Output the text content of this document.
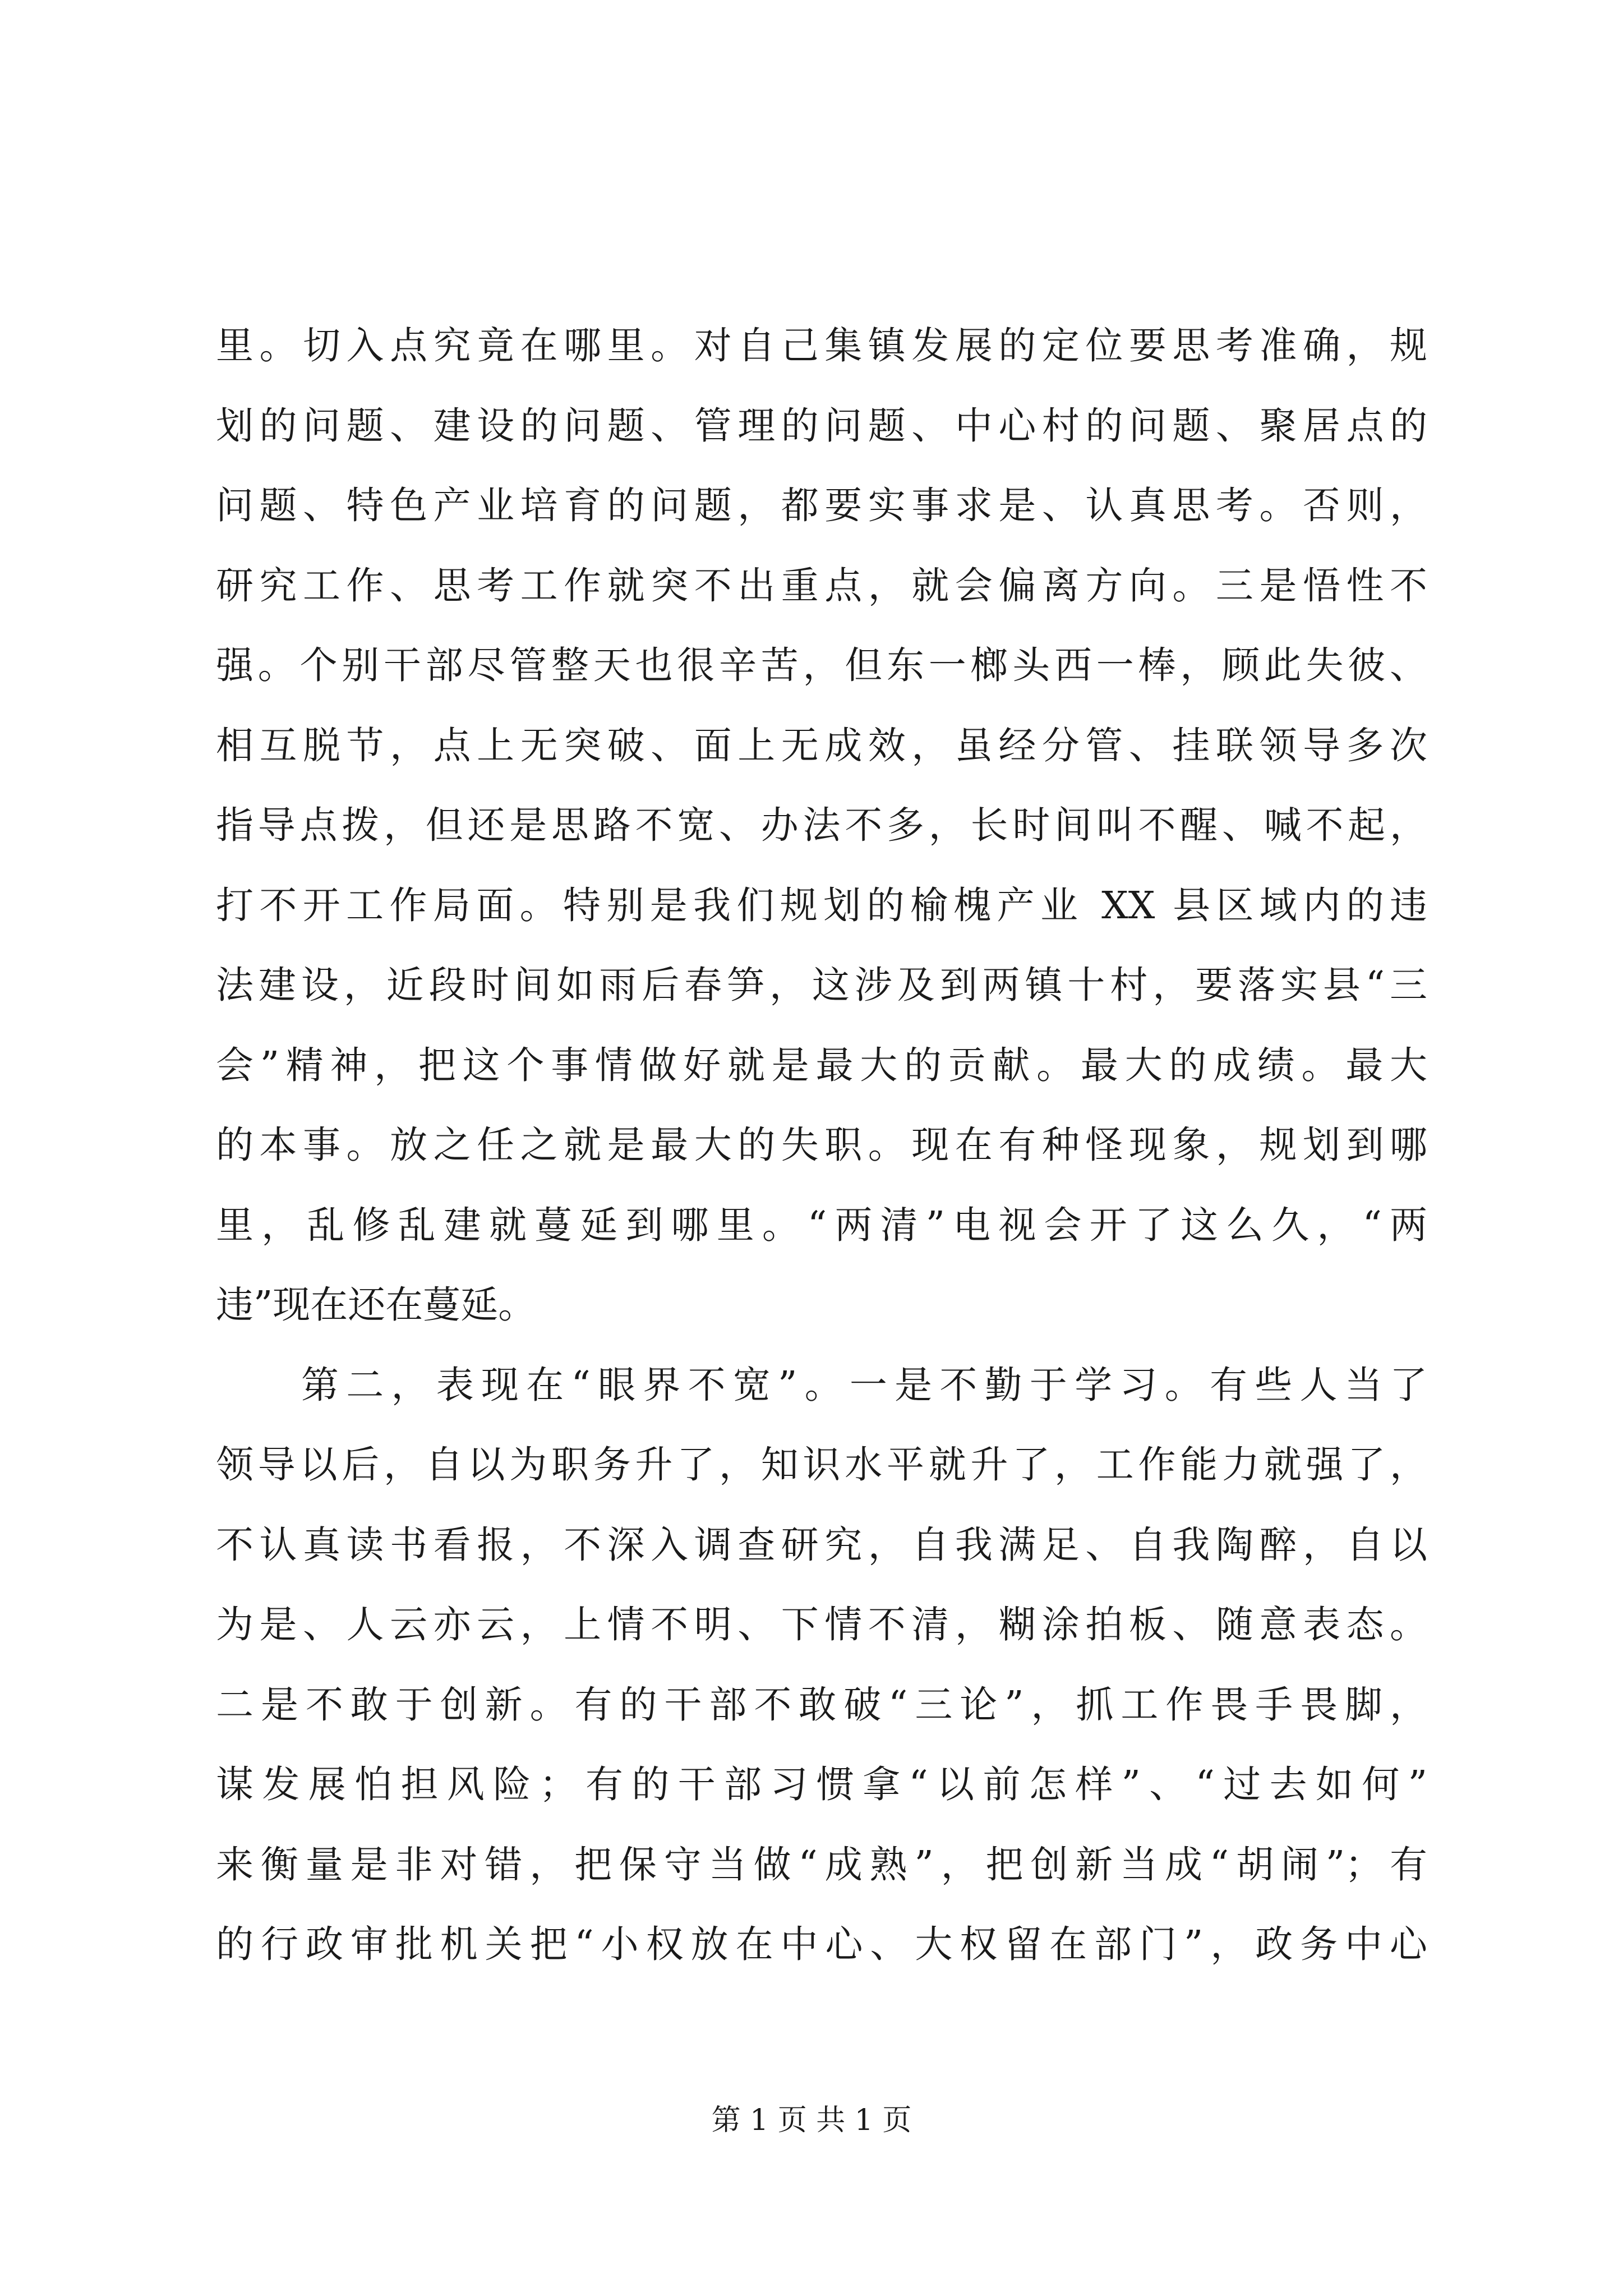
里。切入点究竟在哪里。对自己集镇发展的定位要思考准确，规
划的问题、建设的问题、管理的问题、中心村的问题、聚居点的
问题、特色产业培育的问题，都要实事求是、认真思考。否则，
研究工作、思考工作就突不出重点，就会偏离方向。三是悟性不
强。个别干部尽管整天也很辛苦，但东一榔头西一棒，顾此失彼、
相互脱节，点上无突破、面上无成效，虽经分管、挂联领导多次
指导点拨，但还是思路不宽、办法不多，长时间叫不醒、喊不起，
打不开工作局面。特别是我们规划的榆槐产业 XX 县区域内的违
法建设，近段时间如雨后春笋，这涉及到两镇十村，要落实县“三
会”精神，把这个事情做好就是最大的贡献。最大的成绩。最大
的本事。放之任之就是最大的失职。现在有种怪现象，规划到哪
里，乱修乱建就蔓延到哪里。“两清”电视会开了这么久，“两
违”现在还在蔓延。
第二，表现在“眼界不宽”。一是不勤于学习。有些人当了
领导以后，自以为职务升了，知识水平就升了，工作能力就强了，
不认真读书看报，不深入调查研究，自我满足、自我陶醉，自以
为是、人云亦云，上情不明、下情不清，糊涂拍板、随意表态。
二是不敢于创新。有的干部不敢破“三论”，抓工作畏手畏脚，
谋发展怕担风险；有的干部习惯拿“以前怎样”、“过去如何”
来衡量是非对错，把保守当做“成熟”，把创新当成“胡闹”；有
的行政审批机关把“小权放在中心、大权留在部门”，政务中心
第 1 页 共 1 页
